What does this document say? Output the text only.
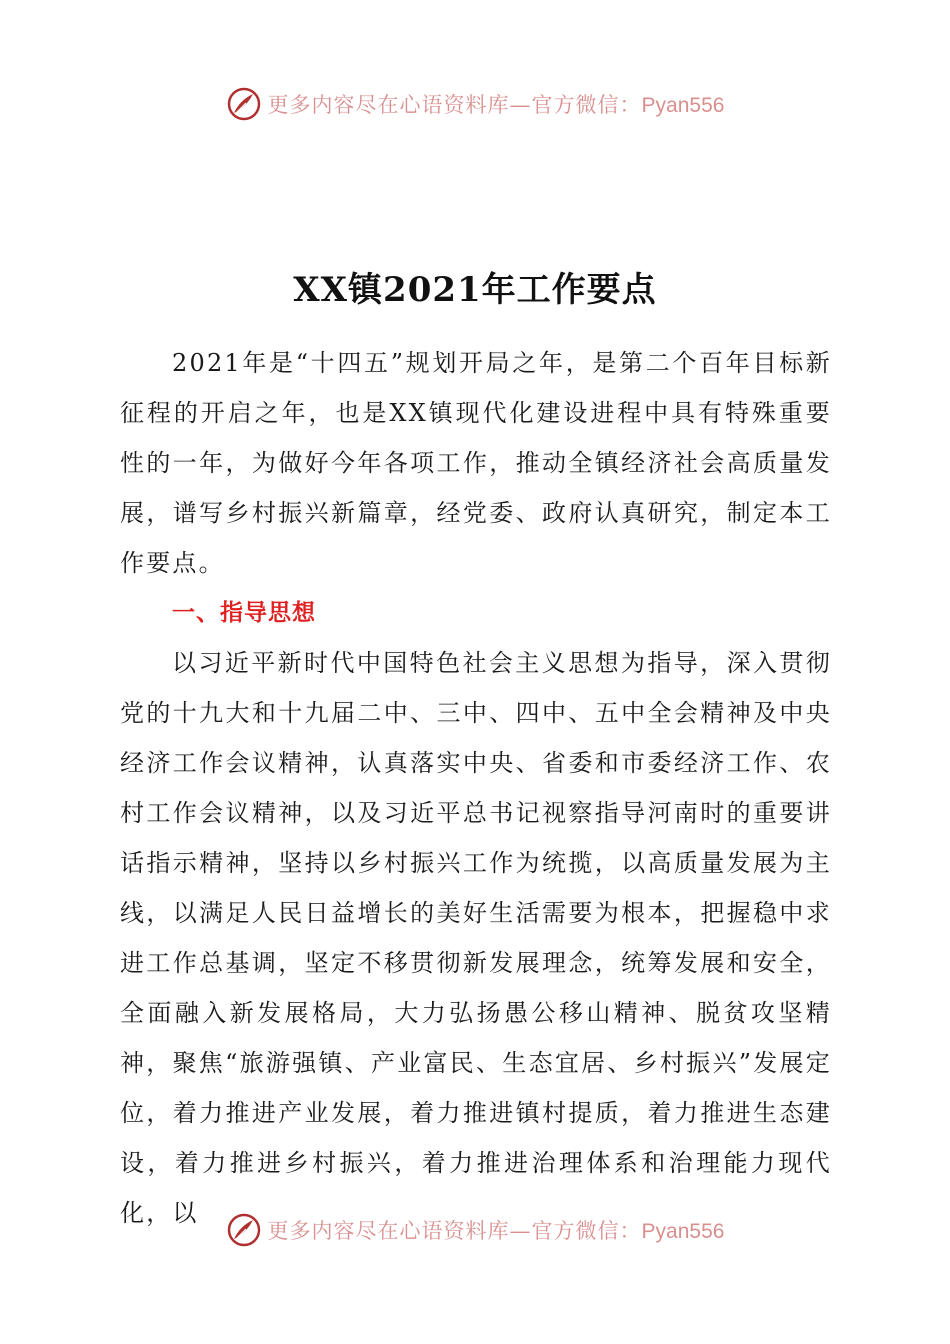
更多内容尽在心语资料库—官方微信：Pyan556
XX镇2021年工作要点

2021年是“十四五”规划开局之年，是第二个百年目标新征程的开启之年，也是XX镇现代化建设进程中具有特殊重要性的一年，为做好今年各项工作，推动全镇经济社会高质量发展，谱写乡村振兴新篇章，经党委、政府认真研究，制定本工作要点。

一、指导思想

以习近平新时代中国特色社会主义思想为指导，深入贯彻党的十九大和十九届二中、三中、四中、五中全会精神及中央经济工作会议精神，认真落实中央、省委和市委经济工作、农村工作会议精神，以及习近平总书记视察指导河南时的重要讲话指示精神，坚持以乡村振兴工作为统揽，以高质量发展为主线，以满足人民日益增长的美好生活需要为根本，把握稳中求进工作总基调，坚定不移贯彻新发展理念，统筹发展和安全，全面融入新发展格局，大力弘扬愚公移山精神、脱贫攻坚精神，聚焦“旅游强镇、产业富民、生态宜居、乡村振兴”发展定位，着力推进产业发展，着力推进镇村提质，着力推进生态建设，着力推进乡村振兴，着力推进治理体系和治理能力现代化，以

更多内容尽在心语资料库—官方微信：Pyan556
